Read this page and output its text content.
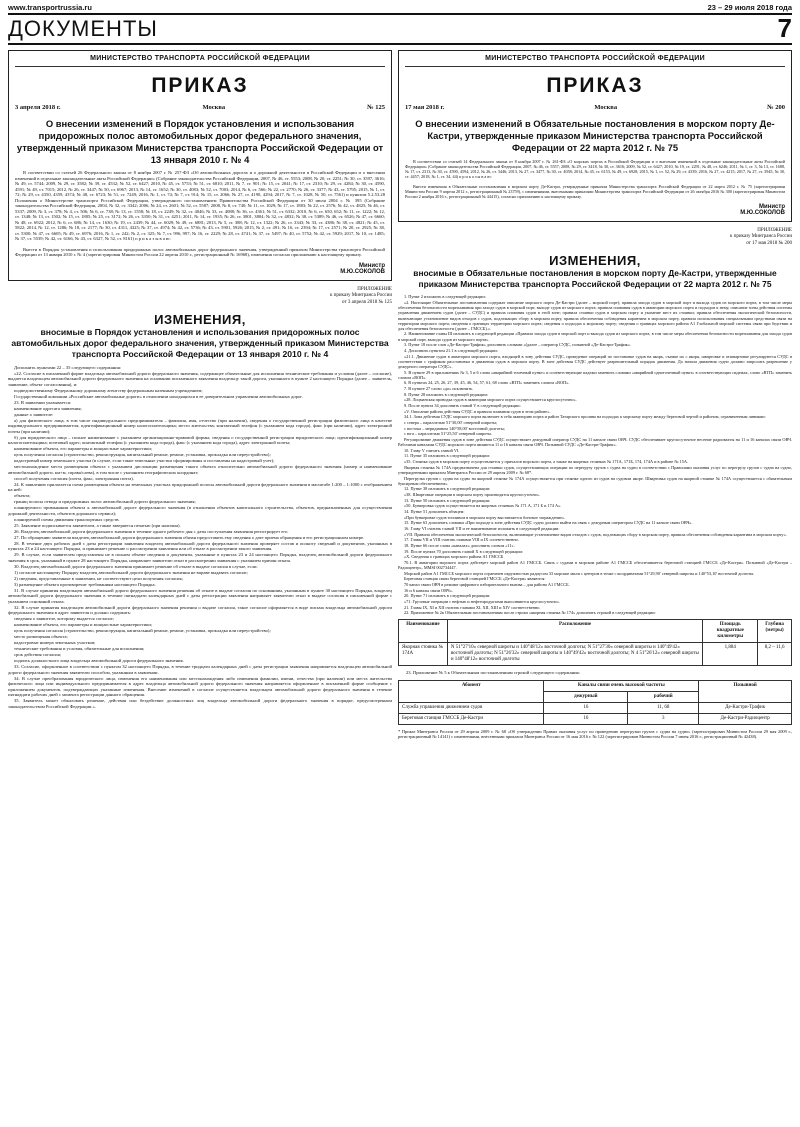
www.transportrussia.ru	23 – 29 июля 2018 года
ДОКУМЕНТЫ	7
МИНИСТЕРСТВО ТРАНСПОРТА РОССИЙСКОЙ ФЕДЕРАЦИИ
ПРИКАЗ
3 апреля 2018 г.	Москва	№ 125
О внесении изменений в Порядок установления и использования придорожных полос автомобильных дорог федерального значения, утвержденный приказом Министерства транспорта Российской Федерации от 13 января 2010 г. № 4

В соответствии со статьей 26 Федерального закона от 8 ноября 2007 г. № 257-ФЗ «Об автомобильных дорогах и о дорожной деятельности в Российской Федерации и о внесении изменений в отдельные законодательные акты Российской Федерации» (Собрание законодательства Российской Федерации, 2007, № 46, ст. 5553; 2008, № 20, ст. 2251; № 30, ст. 3597, 3616; № 49, ст. 5744; 2009, № 29, ст. 3582; № 39, ст. 4532; № 52, ст. 6427; 2010, № 45, ст. 5753; № 51, ст. 6810; 2011, № 7, ст. 901; № 15, ст. 2041; № 17, ст. 2310; № 29, ст. 4284; № 30, ст. 4590, 4591; № 49, ст. 7015; 2012, № 26, ст. 3447; № 50, ст. 6967; 2013, № 14, ст. 1652; № 30, ст. 4083; № 52, ст. 7003; 2014, № 6, ст. 566; № 22, ст. 2770; № 26, ст. 3377; № 43, ст. 5795; 2015, № 1, ст. 72; № 29, ст. 4350, 4359, 4374; № 48, ст. 6723; № 51, ст. 7249; 2016, № 1, ст. 74; № 7, ст. 914; № 15, ст. 2066; № 27, ст. 4190, 4294; 2017, № 7, ст. 1028, № 50, ст. 7561) и пунктом 5.2.53.28 Положения о Министерстве транспорта Российской Федерации, утвержденного постановлением Правительства Российской Федерации от 30 июля 2004 г. № 395 (Собрание законодательства Российской Федерации, 2004, № 32, ст. 3342; 2006, № 24, ст. 2601; № 52, ст. 5587; 2008, № 8, ст. 740; № 11, ст. 1029; № 17, ст. 1883; № 22, ст. 2576; № 42, ст. 4825; № 46, ст. 5337; 2009, № 3, ст. 378; № 4, ст. 506; № 6, ст. 738; № 13, ст. 1558; № 18, ст. 2249; № 32, ст. 4046; № 33, ст. 4088; № 36, ст. 4361; № 51, ст. 6332; 2010, № 6, ст. 650, 652; № 11, ст. 1222; № 12, ст. 1348; № 13, ст. 1502; № 15, ст. 1805; № 25, ст. 3172; № 26, ст. 3350; № 31, ст. 4251; 2011, № 14, ст. 1935; № 26, ст. 3801, 3804; № 32, ст. 4832; № 38, ст. 5389; № 46, ст. 6526; № 47, ст. 6660; № 48, ст. 6922; 2012, № 6, ст. 686; № 14, ст. 1630; № 19, ст. 2439; № 44, ст. 6029; № 49, ст. 6881; 2013, № 5, ст. 388; № 12, ст. 1322; № 26, ст. 3343; № 33, ст. 4386; № 38, ст. 4821; № 45, ст. 5822; 2014, № 12, ст. 1286; № 18, ст. 2177; № 30, ст. 4311, 4325; № 37, ст. 4974; № 42, ст. 5736; № 43, ст. 5901, 5926; 2015, № 2, ст. 491; № 16, ст. 2394; № 17, ст. 2571; № 20, ст. 2925; № 38, ст. 5300; № 47, ст. 6605; № 49, ст. 6976; 2016, № 1, ст. 242; № 2, ст. 325; № 7, ст. 996, 997; № 16, ст. 2229; № 28, ст. 4741; № 37, ст. 5497; № 40, ст. 5752; № 42, ст. 5929; 2017, № 10, ст. 1485; № 37, ст. 5539; № 42, ст. 6166, № 43, ст. 6327, № 52, ст. 8161) п р и к а з ы в а ю:

Внести в Порядок установления и использования придорожных полос автомобильных дорог федерального значения, утвержденный приказом Министерства транспорта Российской Федерации от 13 января 2010 г. № 4 (зарегистрирован Минюстом России 22 апреля 2010 г., регистрационный № 16968), изменения согласно приложению к настоящему приказу.

Министр
М.Ю.СОКОЛОВ
ПРИЛОЖЕНИЕ
к приказу Минтранса России
от 3 апреля 2018 № 125
ИЗМЕНЕНИЯ,
вносимые в Порядок установления и использования придорожных полос автомобильных дорог федерального значения, утвержденный приказом Министерства транспорта Российской Федерации от 13 января 2010 г. № 4

Дополнить пунктами 22 – 35 следующего содержания:

«22. Согласие в письменной форме владельца автомобильной дороги федерального значения, содержащее обязательные для исполнения технические требования и условия (далее – согласие), выдается владельцем автомобильной дороги федерального значения на основании письменного заявления владельцу такой дороги, указанного в пункте 2 настоящего Порядка (далее – заявитель, заявление, объект согласования), и:

подведомственному Федеральному дорожному агентству федеральным казенным учреждением;

Государственной компании «Российские автомобильные дороги» в отношении находящихся в ее доверительном управлении автомобильных дорог.

23. В заявлении указывается:

наименование адресата заявления;

данные о заявителе:

а) для физического лица, в том числе индивидуального предпринимателя – фамилия, имя, отчество (при наличии), сведения о государственной регистрации физического лица в качестве индивидуального предпринимателя; идентификационный номер налогоплательщика; место жительства; контактный телефон (с указанием кода города), факс (при наличии), адрес электронной почты (при наличии);

б) для юридического лица – полное наименование с указанием организационно-правовой формы; сведения о государственной регистрации юридического лица; идентификационный номер налогоплательщика; почтовый адрес; контактный телефон (с указанием кода города), факс (с указанием кода города), адрес электронной почты;

наименование объекта, его параметры и мощностные характеристики;

цель получения согласия (строительство, реконструкция, капитальный ремонт, ремонт, установка, прокладка или переустройство);

кадастровый номер земельного участка (в случае, если такие земельные участки сформированы и поставлены на кадастровый учет);

местонахождение места размещения объекта с указанием дислокации размещения такого объекта относительно автомобильной дороги федерального значения (номер и наименование автомобильной дороги, км+м, справа/слева), в том числе с указанием географических координат;

способ получения согласия (почта, факс, электронная почта).

24. К заявлению прилагается схема размещения объекта на земельных участках придорожной полосы автомобильной дороги федерального значения в масштабе 1:200 – 1:1000 с отображением на ней:

объекта;

границ полосы отвода и придорожных полос автомобильной дороги федерального значения;

планируемого примыкания объекта к автомобильной дороге федерального значения (в отношении объектов капитального строительства, объектов, предназначенных для осуществления дорожной деятельности, объектов дорожного сервиса);

планируемой схемы движения транспортных средств.

25. Заявление подписывается заявителем, а также заверяется печатью (при наличии).

26. Владелец автомобильной дороги федерального значения в течение одного рабочего дня с даты поступления заявления регистрирует его.

27. По обращению заявителя владелец автомобильной дороги федерального значения обязан предоставить ему сведения о дате приема обращения и его регистрационном номере.

28. В течение двух рабочих дней с даты регистрации заявления владелец автомобильной дороги федерального значения проверяет состав и полноту сведений и документов, указанных в пунктах 23 и 24 настоящего Порядка, и принимает решение о рассмотрении заявления или об отказе в рассмотрении такого заявления.

29. В случае, если заявителем представлены не в полном объеме сведения и документы, указанные в пунктах 23 и 24 настоящего Порядка, владелец автомобильной дороги федерального значения в срок, указанный в пункте 28 настоящего Порядка, направляет заявителю отказ в рассмотрении заявления с указанием причин отказа.

30. Владелец автомобильной дороги федерального значения принимает решение об отказе в выдаче согласия в случае, если:

1) согласие настоящему Порядку владелец автомобильной дороги федерального значения не вправе выдавать согласие;

2) сведения, представленные в заявлении, не соответствуют цели получения согласия;

3) размещение объекта противоречит требованиям настоящего Порядка.

31. В случае принятия владельцем автомобильной дороги федерального значения решения об отказе в выдаче согласия по основаниям, указанным в пункте 30 настоящего Порядка, владелец автомобильной дороги федерального значения в течение пятнадцати календарных дней с даты регистрации заявления направляет заявителю отказ в выдаче согласия в письменной форме с указанием оснований отказа.

32. В случае принятия владельцем автомобильной дороги федерального значения решения о выдаче согласия, такое согласие оформляется в виде письма владельца автомобильной дороги федерального значения в адрес заявителя и должно содержать:

сведения о заявителе, которому выдается согласие;

наименование объекта, его параметры и мощностные характеристики;

цель получения согласия (строительство, реконструкция, капитальный ремонт, ремонт, установка, прокладка или переустройство);

место размещения объекта;

кадастровые номера земельных участков;

технические требования и условия, обязательные для исполнения;

срок действия согласия;

подпись должностного лица владельца автомобильной дороги федерального значения.

33. Согласие, оформленное в соответствии с пунктом 32 настоящего Порядка, в течение тридцати календарных дней с даты регистрации заявления направляется владельцем автомобильной дороги федерального значения заявителю способом, указанным в заявлении.

34. В случае преобразования юридического лица, изменения его наименования или местонахождения либо изменения фамилии, имени, отчества (при наличии) или места жительства физического лица или индивидуального предпринимателя в адрес владельца автомобильной дороги федерального значения направляется оформленное в письменной форме сообщение с приложением документов, подтверждающих указанные изменения. Внесение изменений в согласие осуществляется владельцем автомобильной дороги федерального значения в течение пятнадцати рабочих дней с момента регистрации данного обращения.

35. Заявитель может обжаловать решение, действия или бездействие должностных лиц владельца автомобильной дороги федерального значения в порядке, предусмотренном законодательством Российской Федерации.».

МИНИСТЕРСТВО ТРАНСПОРТА РОССИЙСКОЙ ФЕДЕРАЦИИ
ПРИКАЗ
17 мая 2018 г.	Москва	№ 200
О внесении изменений в Обязательные постановления в морском порту Де-Кастри, утвержденные приказом Министерства транспорта Российской Федерации от 22 марта 2012 г. № 75

В соответствии со статьей 14 Федерального закона от 8 ноября 2007 г. № 261-ФЗ «О морских портах в Российской Федерации и о внесении изменений в отдельные законодательные акты Российской Федерации» (Собрание законодательства Российской Федерации, 2007, № 46, ст. 5557; 2008, № 29, ст. 3418, № 30, ст. 3616; 2009, № 52, ст. 6427; 2010, № 19, ст. 2291, № 48, ст. 6246; 2011, № 1, ст. 3, № 13, ст. 1688, № 17, ст. 2313, № 30, ст. 4590, 4594; 2012, № 26, ст. 3446; 2013, № 27, ст. 3477, № 30, ст. 4058; 2014, № 45, ст. 6153, № 49, ст. 6928; 2015, № 1, ст. 52, № 29, ст. 4339; 2016, № 27, ст. 4215; 2017, № 27, ст. 3945, № 30, ст. 4457; 2018, № 1, ст. 34, 44) п р и к а з ы в а ю:

Внести изменения в Обязательные постановления в морском порту Де-Кастри, утвержденные приказом Министерства транспорта Российской Федерации от 22 марта 2012 г. № 75 (зарегистрирован Минюстом России 9 апреля 2012 г., регистрационный № 23759), с изменениями, внесенными приказами Министерства транспорта Российской Федерации от 26 октября 2016 № 300 (зарегистрирован Минюстом России 2 ноября 2016 г., регистрационный № 44415), согласно приложению к настоящему приказу.

Министр
М.Ю.СОКОЛОВ
ПРИЛОЖЕНИЕ
к приказу Минтранса России
от 17 мая 2018 № 200
ИЗМЕНЕНИЯ,
вносимые в Обязательные постановления в морском порту Де-Кастри, утвержденные приказом Министерства транспорта Российской Федерации от 22 марта 2012 г. № 75

1. Пункт 2 изложить в следующей редакции:

«2. Настоящие Обязательные постановления содержат описание морского порта Де-Кастри (далее – морской порт); правила захода судов в морской порт и выхода судов из морского порта, в том числе меры обеспечения безопасности мореплавания при заходе судов в морской порт, выходе судов из морского порта; правила плавания судов в акватории морского порта и подходов к нему, описание зоны действия системы управления движением судов (далее – СУДС) и правила плавания судов в этой зоне; правила стоянки судов в морском порту и указание мест их стоянки; правила обеспечения экологической безопасности, включающие установление видов отходов с судов, подлежащих сбору в морском порту, правила обеспечения соблюдения карантина в морском порту, правила использования специальными средствами связи на территории морского порта; сведения о границах территории морского порта; сведения о подходах к морскому порту; сведения о границах морского района А1 Глобальной морской системы связи при бедствии и для обеспечения безопасности (далее – ГМССБ).».

2. Наименование главы III изложить в следующей редакции «Правила захода судов в морской порт и выхода судов из морского порта, в том числе меры обеспечения безопасности мореплавания для захода судов в морской порт, выхода судов из морского порта».

3. Пункт 18 после слов «Де-Кастри-Трафик» дополнить словами «(далее – оператор СУДС, позывной «Де-Кастри-Трафик».

4. Дополнить пунктом 21.1 в следующей редакции:

«21.1. Движение судов в акватории морского порта, входящей в зону действия СУДС, проведение операций по постановке судов на якорь, съемке их с якоря, швартовке и отшвартовке регулируются СУДС в соответствии с графиком расстановки и движения судов в морском порту. В зоне действия СУДС действует разрешительный порядок движения. До начала движения судно должно запросить разрешение у дежурного оператора СУДС».

5. В пункте 29 в приложениях № 3, 5 и 6 слова «аварийной точечный пункт» и соответствующие падежи заменить словами «аварийной одноточечный пункт» в соответствующих падежах, слово «ВТП» заменить словом «ВОП».

6. В пунктах 24, 25, 26, 27, 39, 45, 46, 54, 57, 61, 68 слово «ВТП» заменить словом «ВОП».

7. В пункте 27 слово «до» исключить.

8. Пункт 28 изложить в следующей редакции:

«28. Лоцманская проводка судов в акватории морского порта осуществляется круглосуточно».

9. После пункта 34 дополнить главой V в следующей редакции:

«V. Описание района действия СУДС и правила плавания судов в этом районе».

34.1. Зона действия СУДС морского порта включает в себя акваторию порта и район Татарского пролива на подходах к морскому порту между береговой чертой и районом, ограниченным линиями:

с севера – параллелью 51°30,00' северной широты;

с востока – меридианом 140°58,00' восточной долготы;

с юга – параллелью 51°25,50' северной широты.

Регулирование движения судов в зоне действия СУДС осуществляет дежурный оператор СУДС на 11 канале связи ОВЧ. СУДС обеспечивает круглосуточное несение радиовахты на 11 и 16 каналах связи ОВЧ. Рабочими каналами СУДС морского порта являются 11 и 16 каналы связи ОВЧ. Позывной СУДС «Де-Кастри-Трафик».

10. Главу V считать главой VI.

11. Пункт 35 изложить в следующей редакции:

«35. Стоянка судов в морском порту осуществляется у причалов морского порта, а также на якорных стоянках № 171А, 171Б, 174, 174А и в районе № 15А.

Якорная стоянка № 174А предназначена для стоянки судов, осуществляющих операции по перегрузу грузов с судна на судно в соответствии с Правилами оказания услуг по перегрузу грузов с судна на судно, утвержденными приказом Минтранса России от 29 апреля 2009 г. № 68*.

Перегрузка грузов с судна на судно на якорной стоянке № 174А осуществляется при стоянке одного из судов на судовом якоре. Швартовка судов на якорной стоянке № 174А осуществляется с обязательным буксирным обеспечением».

12. Пункт 38 изложить в следующей редакции:

«38. Швартовые операции в морском порту производятся круглосуточно».

13. Пункт 50 изложить в следующей редакции:

«50. Бункеровка судов осуществляется на якорных стоянках № 171 А, 171 Б и 174 А».

14. Пункт 51 дополнить абзацем:

«При бункеровке судов топливом в морском порту выставляется боновое заграждение».

15. Пункт 63 дополнить словами «При подходе к зоне действия СУДС судно должно выйти на связь с дежурным оператором СУДС на 11 канале связи ОВЧ».

16. Главу VI считать главой VII и ее наименование изложить в следующей редакции:

«VII. Правила обеспечения экологической безопасности, включающие установление видов отходов с судов, подлежащих сбору в морском порту, правила обеспечения соблюдения карантина в морском порту».

17. Главы VII и VIII считать главами VIII и IX соответственно.

18. Пункт 66 после слова «каналах» дополнить словом «11».

19. После пункта 70 дополнить главой Х в следующей редакции:

«Х. Сведения о границах морского района А1 ГМССБ

70.1. В акватории морского порта действует морской район А1 ГМССБ. Связь с судами в морском районе А1 ГМССБ обеспечивается береговой станцией ГМССБ «Де-Кастри». Позывной «Де-Кастри – Радиоцентр», MMSI 002734447.

Морской район А1 ГМССБ морского порта ограничен окружностью радиусом 33 морские мили с центром в точке с координатами 51°29,90' северной широты и 140°53,10' восточной долготы.

Береговая станция связи береговой станцией ГМССБ «Де-Кастри» являются:

70 канал связи ОВЧ в режиме цифрового избирательного вызова – для района А1 ГМССБ.

16 и 6 каналы связи ОВЧ».

20. Пункт 71 изложить в следующей редакции:

«71. Грузовые операции с нефтью и нефтепродуктами выполняются круглосуточно».

21. Главы IX, XI и XII считать главами XI, XII, XIII и XIV соответственно.

22. Приложение № 2к Обязательным постановлениям после строки «якорная стоянка № 174» дополнить строкой в следующей редакции:

Наименование	Расположение	Площадь квадратные километры	Глубина (метры)
Якорная стоянка № 174А	N 51°27'10» северной широты и 140°48'12» восточной долготы; N 51°27'30» северной широты и 140°49'42» восточной долготы; N 51°26'32» северной широты и 140°49'42» восточной долготы; N 4 51°26'12» северной широты и 140°48'12» восточной долготы	1,884	8,2 – 11,6

23. Приложение № 5 к Обязательным постановлениям строкой следующего содержания:

Абонент	Каналы связи очень высокой частоты		Позывной
	дежурный	рабочий	
Служба управления движением судов	16	11, 68	Де-Кастри-Трафик
Береговая станция ГМССБ Де-Кастри	16	3	Де-Кастри-Радиоцентр

* Приказ Минтранса России от 29 апреля 2009 г. № 68 «Об утверждении Правил оказания услуг по проведению перегрузки грузов с судна на судно» (зарегистрирован Минюстом России 29 мая 2009 г., регистрационный № 14141) с изменениями, внесенными приказом Минтранса России от 16 мая 2016 г. № 122 (зарегистрирован Минюстом России 7 июня 2016 г., регистрационный № 42438).
